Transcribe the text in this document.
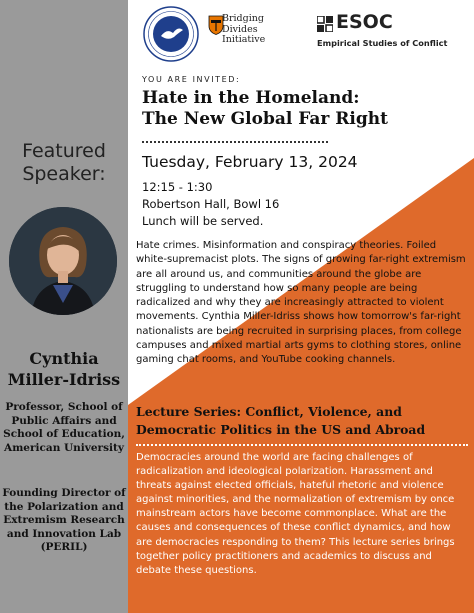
Bridging
Divides
Initiative
ESOC
Empirical Studies of Conflict
YOU ARE INVITED:
Hate in the Homeland:
The New Global Far Right
Tuesday, February 13, 2024
12:15 - 1:30
Robertson Hall, Bowl 16
Lunch will be served.
Hate crimes. Misinformation and conspiracy theories. Foiled white-supremacist plots. The signs of growing far-right extremism are all around us, and communities around the globe are struggling to understand how so many people are being radicalized and why they are increasingly attracted to violent movements. Cynthia Miller-Idriss shows how tomorrow's far-right nationalists are being recruited in surprising places, from college campuses and mixed martial arts gyms to clothing stores, online gaming chat rooms, and YouTube cooking channels.
Lecture Series: Conflict, Violence, and Democratic Politics in the US and Abroad
Democracies around the world are facing challenges of radicalization and ideological polarization. Harassment and threats against elected officials, hateful rhetoric and violence against minorities, and the normalization of extremism by once mainstream actors have become commonplace. What are the causes and consequences of these conflict dynamics, and how are democracies responding to them? This lecture series brings together policy practitioners and academics to discuss and debate these questions.
Featured
Speaker:
Cynthia
Miller-Idriss
Professor, School of
Public Affairs and
School of Education,
American University
Founding Director of
the Polarization and
Extremism Research
and Innovation Lab
(PERIL)
